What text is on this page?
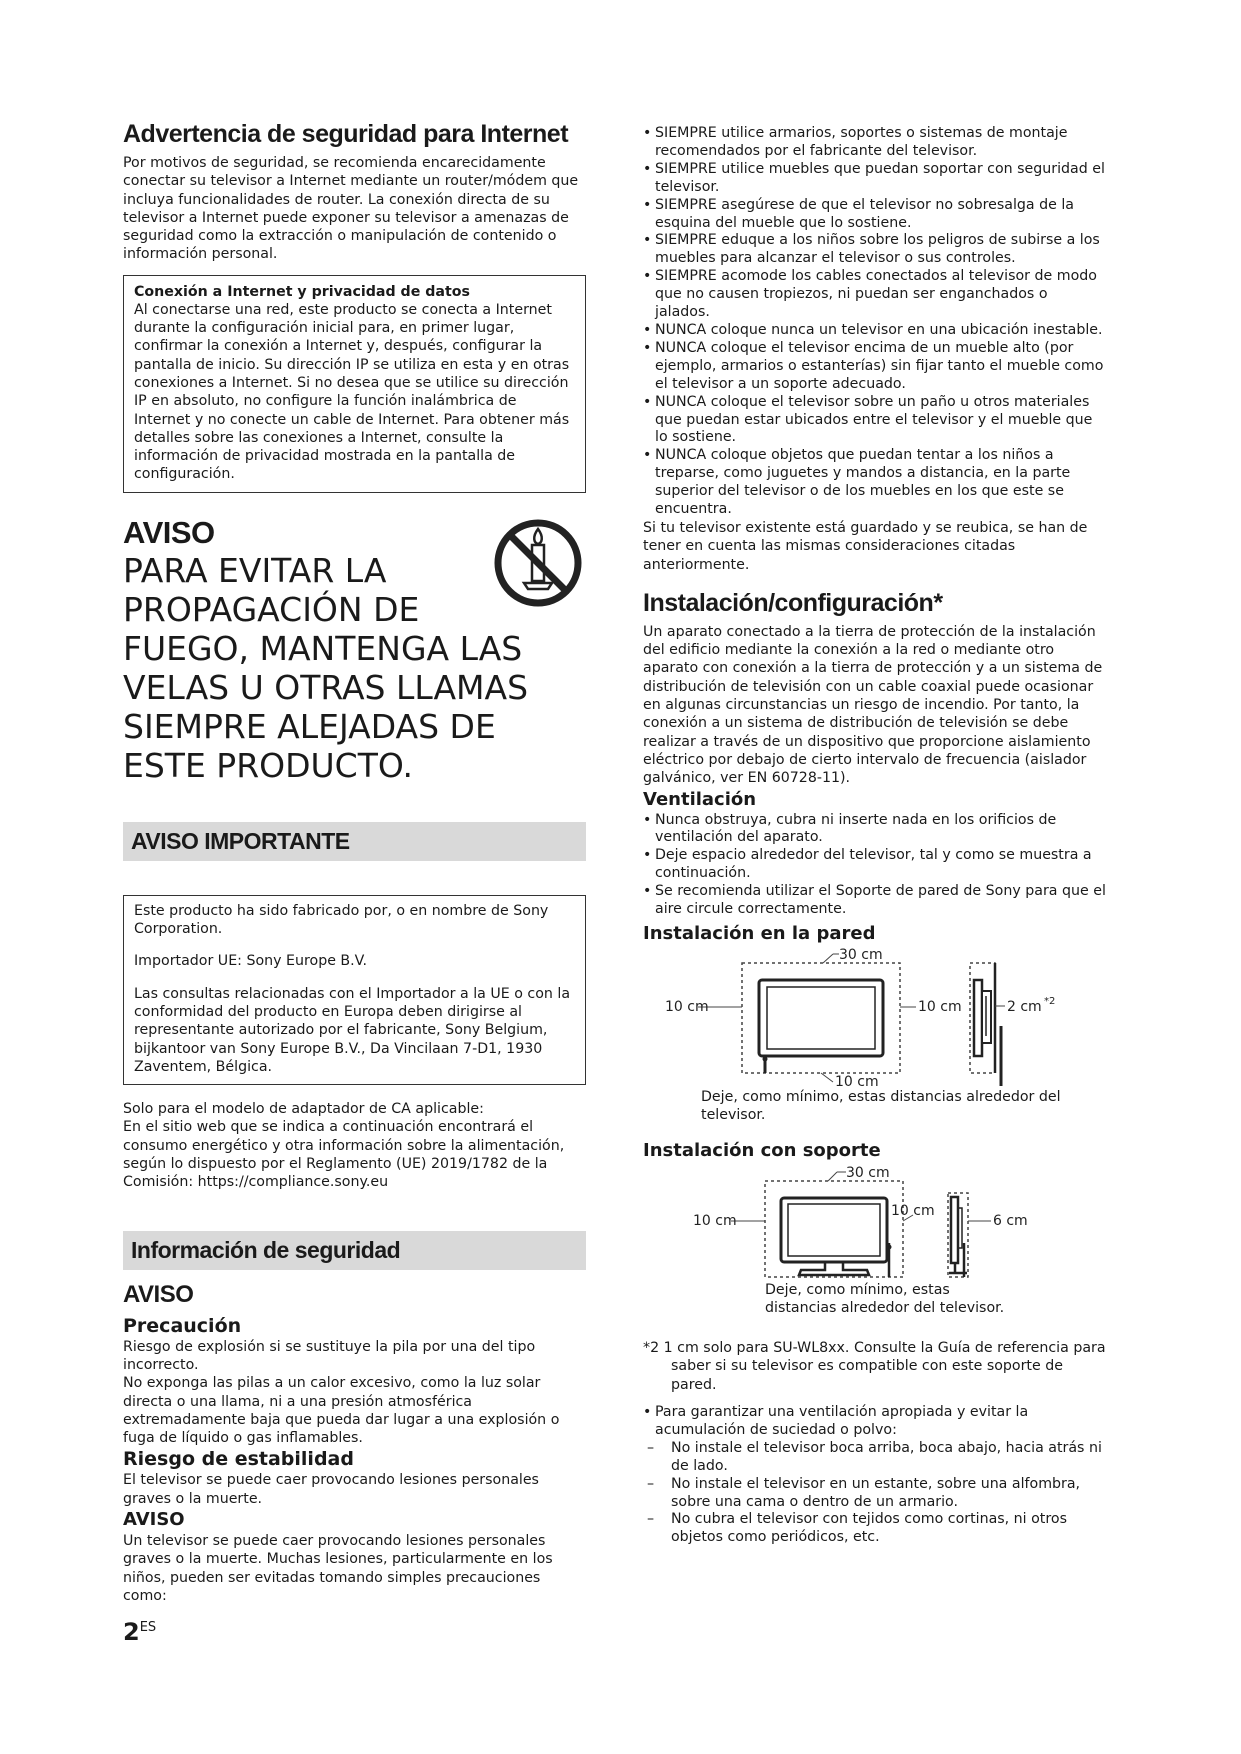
Advertencia de seguridad para Internet

Por motivos de seguridad, se recomienda encarecidamente conectar su televisor a Internet mediante un router/módem que incluya funcionalidades de router. La conexión directa de su televisor a Internet puede exponer su televisor a amenazas de seguridad como la extracción o manipulación de contenido o información personal.

Conexión a Internet y privacidad de datos

Al conectarse una red, este producto se conecta a Internet durante la configuración inicial para, en primer lugar, confirmar la conexión a Internet y, después, configurar la pantalla de inicio. Su dirección IP se utiliza en esta y en otras conexiones a Internet. Si no desea que se utilice su dirección IP en absoluto, no configure la función inalámbrica de Internet y no conecte un cable de Internet. Para obtener más detalles sobre las conexiones a Internet, consulte la información de privacidad mostrada en la pantalla de configuración.

AVISO
PARA EVITAR LA PROPAGACIÓN DE FUEGO, MANTENGA LAS VELAS U OTRAS LLAMAS SIEMPRE ALEJADAS DE ESTE PRODUCTO.
AVISO IMPORTANTE

Este producto ha sido fabricado por, o en nombre de Sony Corporation.

Importador UE: Sony Europe B.V.

Las consultas relacionadas con el Importador a la UE o con la conformidad del producto en Europa deben dirigirse al representante autorizado por el fabricante, Sony Belgium, bijkantoor van Sony Europe B.V., Da Vincilaan 7-D1, 1930 Zaventem, Bélgica.

Solo para el modelo de adaptador de CA aplicable:
En el sitio web que se indica a continuación encontrará el consumo energético y otra información sobre la alimentación, según lo dispuesto por el Reglamento (UE) 2019/1782 de la Comisión: https://compliance.sony.eu

Información de seguridad
AVISO
Precaución

Riesgo de explosión si se sustituye la pila por una del tipo incorrecto.

No exponga las pilas a un calor excesivo, como la luz solar directa o una llama, ni a una presión atmosférica extremadamente baja que pueda dar lugar a una explosión o fuga de líquido o gas inflamables.

Riesgo de estabilidad

El televisor se puede caer provocando lesiones personales graves o la muerte.

AVISO

Un televisor se puede caer provocando lesiones personales graves o la muerte. Muchas lesiones, particularmente en los niños, pueden ser evitadas tomando simples precauciones como:

• SIEMPRE utilice armarios, soportes o sistemas de montaje recomendados por el fabricante del televisor.
• SIEMPRE utilice muebles que puedan soportar con seguridad el televisor.
• SIEMPRE asegúrese de que el televisor no sobresalga de la esquina del mueble que lo sostiene.
• SIEMPRE eduque a los niños sobre los peligros de subirse a los muebles para alcanzar el televisor o sus controles.
• SIEMPRE acomode los cables conectados al televisor de modo que no causen tropiezos, ni puedan ser enganchados o jalados.
• NUNCA coloque nunca un televisor en una ubicación inestable.
• NUNCA coloque el televisor encima de un mueble alto (por ejemplo, armarios o estanterías) sin fijar tanto el mueble como el televisor a un soporte adecuado.
• NUNCA coloque el televisor sobre un paño u otros materiales que puedan estar ubicados entre el televisor y el mueble que lo sostiene.
• NUNCA coloque objetos que puedan tentar a los niños a treparse, como juguetes y mandos a distancia, en la parte superior del televisor o de los muebles en los que este se encuentra.

Si tu televisor existente está guardado y se reubica, se han de tener en cuenta las mismas consideraciones citadas anteriormente.

Instalación/configuración*

Un aparato conectado a la tierra de protección de la instalación del edificio mediante la conexión a la red o mediante otro aparato con conexión a la tierra de protección y a un sistema de distribución de televisión con un cable coaxial puede ocasionar en algunas circunstancias un riesgo de incendio. Por tanto, la conexión a un sistema de distribución de televisión se debe realizar a través de un dispositivo que proporcione aislamiento eléctrico por debajo de cierto intervalo de frecuencia (aislador galvánico, ver EN 60728-11).

Ventilación
• Nunca obstruya, cubra ni inserte nada en los orificios de ventilación del aparato.
• Deje espacio alrededor del televisor, tal y como se muestra a continuación.
• Se recomienda utilizar el Soporte de pared de Sony para que el aire circule correctamente.
Instalación en la pared
10 cm
30 cm
10 cm
10 cm
2 cm *2

Deje, como mínimo, estas distancias alrededor del televisor.

Instalación con soporte
10 cm
30 cm
10 cm
6 cm

Deje, como mínimo, estas distancias alrededor del televisor.

*2 1 cm solo para SU-WL8xx. Consulte la Guía de referencia para saber si su televisor es compatible con este soporte de pared.

• Para garantizar una ventilación apropiada y evitar la acumulación de suciedad o polvo:
– No instale el televisor boca arriba, boca abajo, hacia atrás ni de lado.
– No instale el televisor en un estante, sobre una alfombra, sobre una cama o dentro de un armario.
– No cubra el televisor con tejidos como cortinas, ni otros objetos como periódicos, etc.
$2^{ES}$
